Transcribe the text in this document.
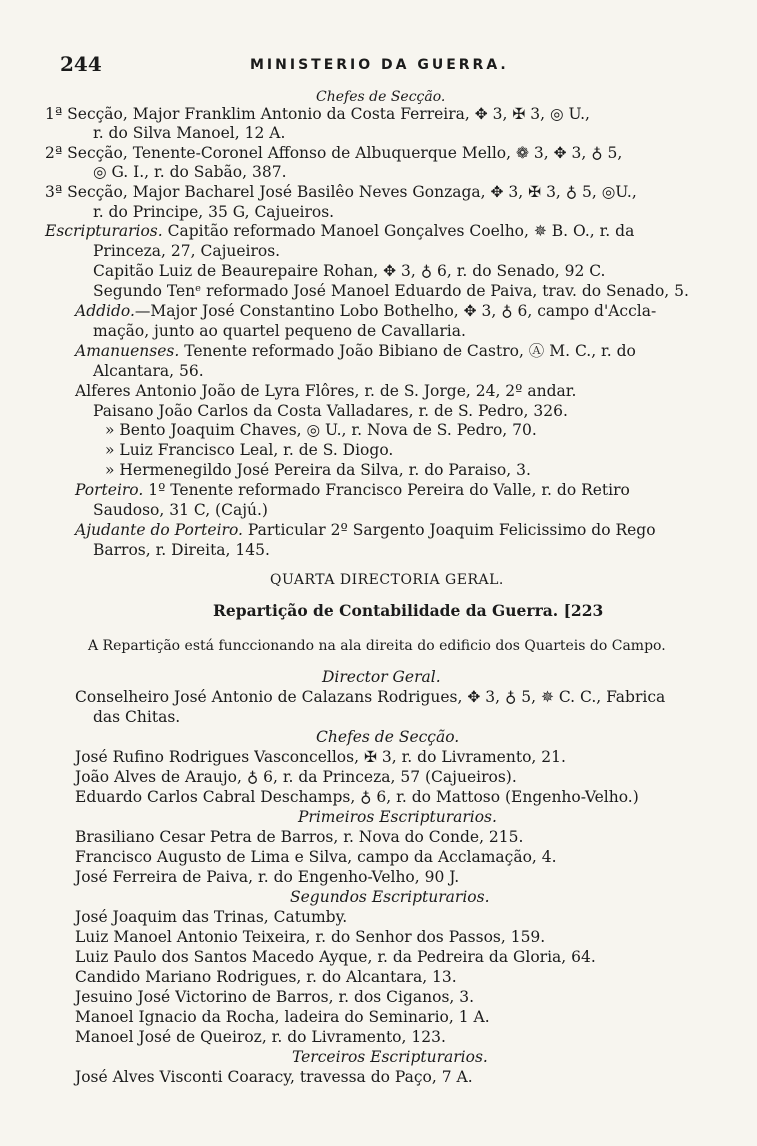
244	MINISTERIO DA GUERRA.
Chefes de Secção.
1ª Secção, Major Franklim Antonio da Costa Ferreira, ✥ 3, ✠ 3, ◎ U.,
r. do Silva Manoel, 12 A.
2ª Secção, Tenente-Coronel Affonso de Albuquerque Mello, ❁ 3, ✥ 3, ♁ 5,
◎ G. I., r. do Sabão, 387.
3ª Secção, Major Bacharel José Basilêo Neves Gonzaga, ✥ 3, ✠ 3, ♁ 5, ◎U.,
r. do Principe, 35 G, Cajueiros.
Escripturarios. Capitão reformado Manoel Gonçalves Coelho, ✵ B. O., r. da
Princeza, 27, Cajueiros.
Capitão Luiz de Beaurepaire Rohan, ✥ 3, ♁ 6, r. do Senado, 92 C.
Segundo Tenᵉ reformado José Manoel Eduardo de Paiva, trav. do Senado, 5.
Addido.—Major José Constantino Lobo Bothelho, ✥ 3, ♁ 6, campo d'Accla-
mação, junto ao quartel pequeno de Cavallaria.
Amanuenses. Tenente reformado João Bibiano de Castro, Ⓐ M. C., r. do
Alcantara, 56.
Alferes Antonio João de Lyra Flôres, r. de S. Jorge, 24, 2º andar.
Paisano João Carlos da Costa Valladares, r. de S. Pedro, 326.
» Bento Joaquim Chaves, ◎ U., r. Nova de S. Pedro, 70.
» Luiz Francisco Leal, r. de S. Diogo.
» Hermenegildo José Pereira da Silva, r. do Paraiso, 3.
Porteiro. 1º Tenente reformado Francisco Pereira do Valle, r. do Retiro
Saudoso, 31 C, (Cajú.)
Ajudante do Porteiro. Particular 2º Sargento Joaquim Felicissimo do Rego
Barros, r. Direita, 145.
QUARTA DIRECTORIA GERAL.
Repartição de Contabilidade da Guerra. [223
A Repartição está funccionando na ala direita do edificio dos Quarteis do Campo.
Director Geral.
Conselheiro José Antonio de Calazans Rodrigues, ✥ 3, ♁ 5, ✵ C. C., Fabrica
das Chitas.
Chefes de Secção.
José Rufino Rodrigues Vasconcellos, ✠ 3, r. do Livramento, 21.
João Alves de Araujo, ♁ 6, r. da Princeza, 57 (Cajueiros).
Eduardo Carlos Cabral Deschamps, ♁ 6, r. do Mattoso (Engenho-Velho.)
Primeiros Escripturarios.
Brasiliano Cesar Petra de Barros, r. Nova do Conde, 215.
Francisco Augusto de Lima e Silva, campo da Acclamação, 4.
José Ferreira de Paiva, r. do Engenho-Velho, 90 J.
Segundos Escripturarios.
José Joaquim das Trinas, Catumby.
Luiz Manoel Antonio Teixeira, r. do Senhor dos Passos, 159.
Luiz Paulo dos Santos Macedo Ayque, r. da Pedreira da Gloria, 64.
Candido Mariano Rodrigues, r. do Alcantara, 13.
Jesuino José Victorino de Barros, r. dos Ciganos, 3.
Manoel Ignacio da Rocha, ladeira do Seminario, 1 A.
Manoel José de Queiroz, r. do Livramento, 123.
Terceiros Escripturarios.
José Alves Visconti Coaracy, travessa do Paço, 7 A.
